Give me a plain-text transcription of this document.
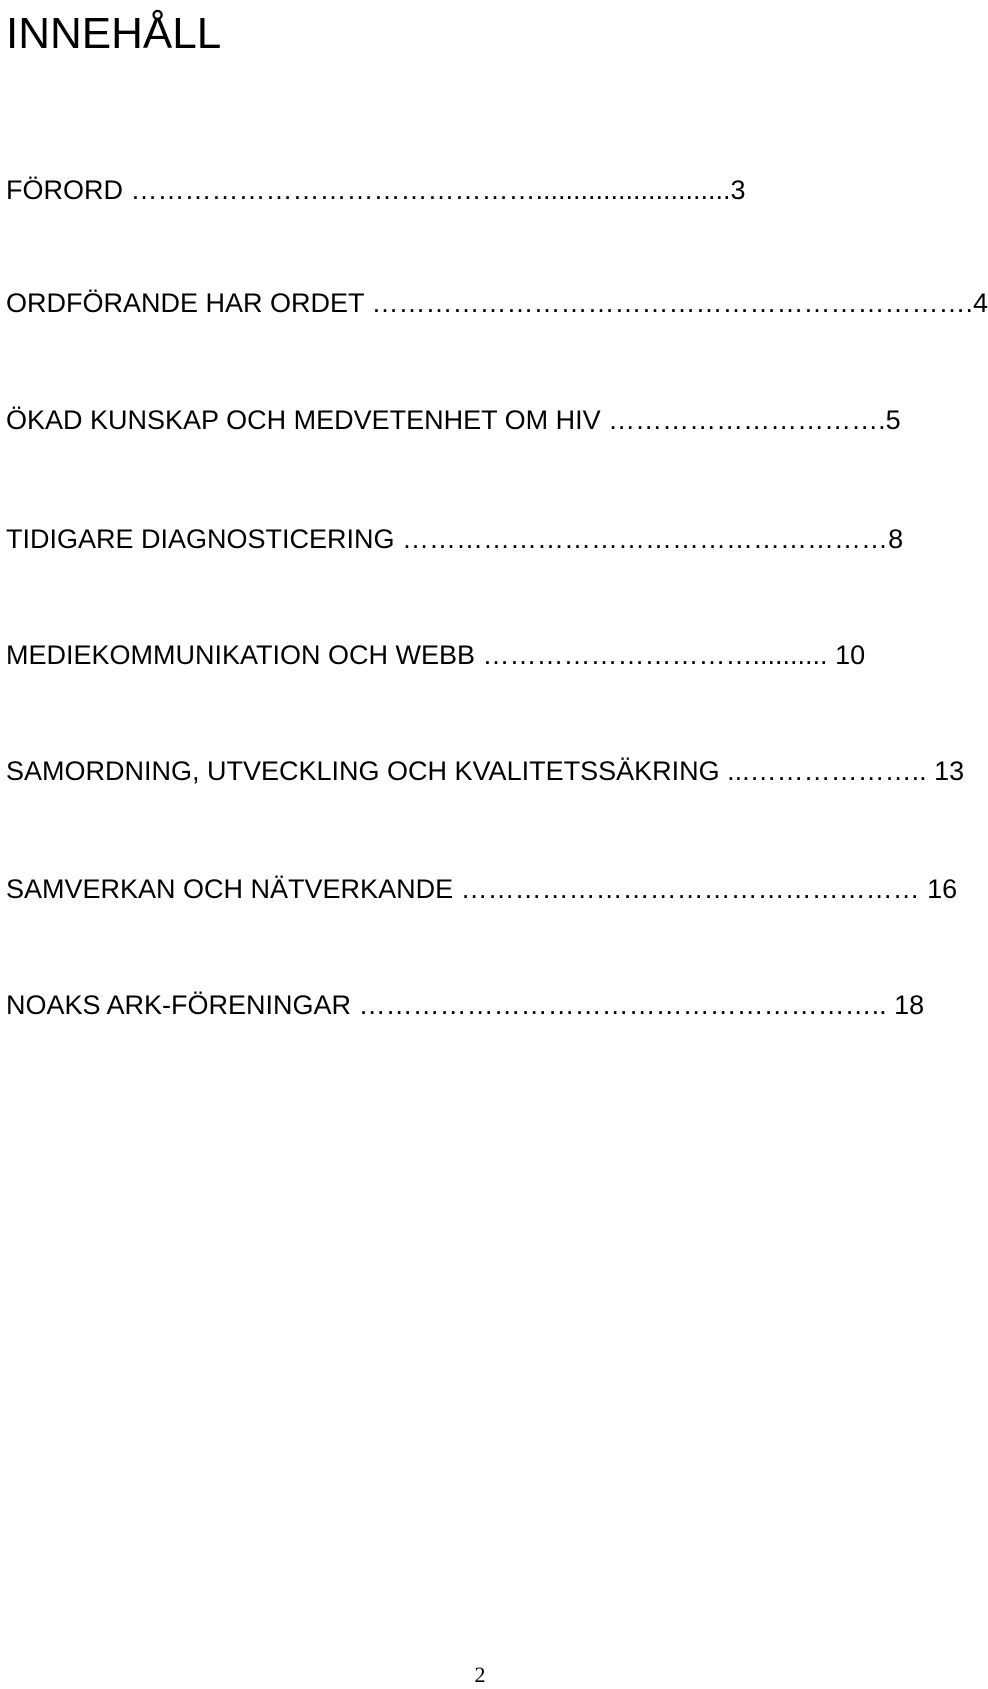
INNEHÅLL
FÖRORD ………………………………………..........................3
ORDFÖRANDE HAR ORDET ………………………………………………………….4
ÖKAD KUNSKAP OCH MEDVETENHET OM HIV ………………………….5
TIDIGARE DIAGNOSTICERING ………………………………………………8
MEDIEKOMMUNIKATION OCH WEBB ………………………….......... 10
SAMORDNING, UTVECKLING OCH KVALITETSSÄKRING ...……………….. 13
SAMVERKAN OCH NÄTVERKANDE …………………………………………… 16
NOAKS ARK-FÖRENINGAR ………………………………………………….. 18
2
